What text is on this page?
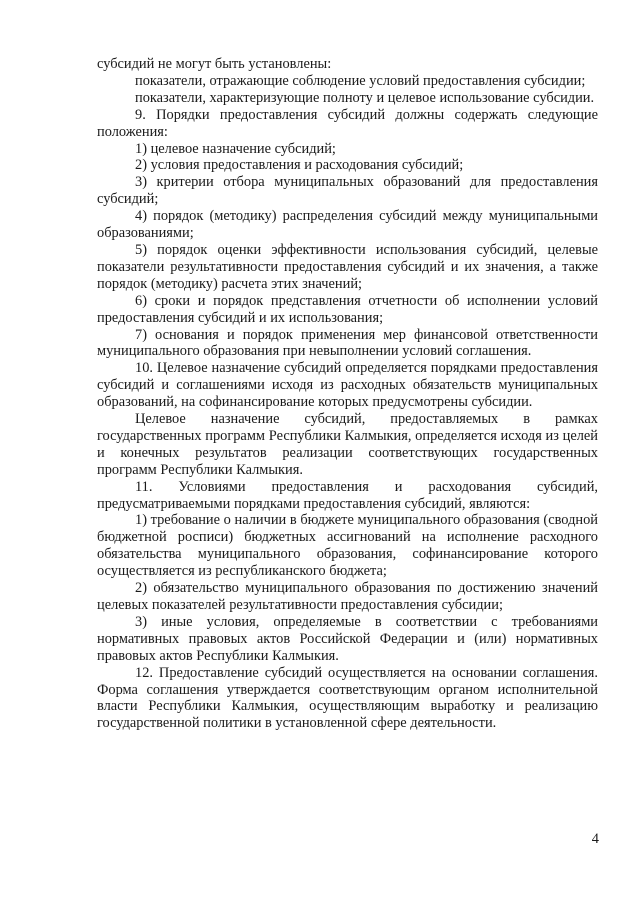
субсидий не могут быть установлены:

показатели, отражающие соблюдение условий предоставления субсидии;

показатели, характеризующие полноту и целевое использование субсидии.

9. Порядки предоставления субсидий должны содержать следующие положения:

1) целевое назначение субсидий;

2) условия предоставления и расходования субсидий;

3) критерии отбора муниципальных образований для предоставления субсидий;

4) порядок (методику) распределения субсидий между муниципальными образованиями;

5) порядок оценки эффективности использования субсидий, целевые показатели результативности предоставления субсидий и их значения, а также порядок (методику) расчета этих значений;

6) сроки и порядок представления отчетности об исполнении условий предоставления субсидий и их использования;

7) основания и порядок применения мер финансовой ответственности муниципального образования при невыполнении условий соглашения.

10. Целевое назначение субсидий определяется порядками предоставления субсидий и соглашениями исходя из расходных обязательств муниципальных образований, на софинансирование которых предусмотрены субсидии.

Целевое назначение субсидий, предоставляемых в рамках государственных программ Республики Калмыкия, определяется исходя из целей и конечных результатов реализации соответствующих государственных программ Республики Калмыкия.

11. Условиями предоставления и расходования субсидий, предусматриваемыми порядками предоставления субсидий, являются:

1) требование о наличии в бюджете муниципального образования (сводной бюджетной росписи) бюджетных ассигнований на исполнение расходного обязательства муниципального образования, софинансирование которого осуществляется из республиканского бюджета;

2) обязательство муниципального образования по достижению значений целевых показателей результативности предоставления субсидии;

3) иные условия, определяемые в соответствии с требованиями нормативных правовых актов Российской Федерации и (или) нормативных правовых актов Республики Калмыкия.

12. Предоставление субсидий осуществляется на основании соглашения. Форма соглашения утверждается соответствующим органом исполнительной власти Республики Калмыкия, осуществляющим выработку и реализацию государственной политики в установленной сфере деятельности.

4
